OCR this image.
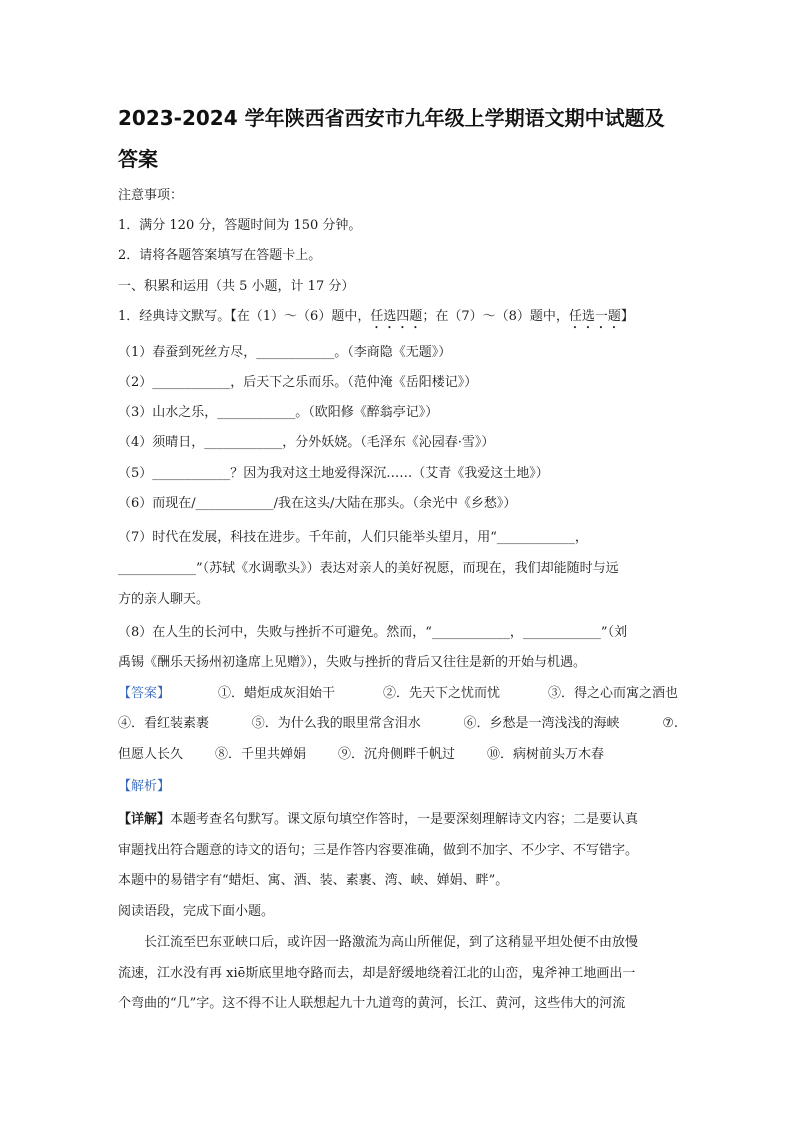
2023-2024 学年陕西省西安市九年级上学期语文期中试题及答案
注意事项：
1．满分 120 分，答题时间为 150 分钟。
2．请将各题答案填写在答题卡上。
一、积累和运用（共 5 小题，计 17 分）
1．经典诗文默写。【在（1）～（6）题中，任选四题；在（7）～（8）题中，任选一题】
（1）春蚕到死丝方尽，____________。（李商隐《无题》）
（2）____________，后天下之乐而乐。（范仲淹《岳阳楼记》）
（3）山水之乐，____________。（欧阳修《醉翁亭记》）
（4）须晴日，____________，分外妖娆。（毛泽东《沁园春·雪》）
（5）____________？因为我对这土地爱得深沉……（艾青《我爱这土地》）
（6）而现在/____________/我在这头/大陆在那头。（余光中《乡愁》）
（7）时代在发展，科技在进步。千年前，人们只能举头望月，用“____________，
____________”（苏轼《水调歌头》）表达对亲人的美好祝愿，而现在，我们却能随时与远
方的亲人聊天。
（8）在人生的长河中，失败与挫折不可避免。然而，“____________，____________”（刘
禹锡《酬乐天扬州初逢席上见赠》），失败与挫折的背后又往往是新的开始与机遇。
【答案】	①．蜡炬成灰泪始干	②．先天下之忧而忧	③．得之心而寓之酒也
④．看红装素裹	⑤．为什么我的眼里常含泪水	⑥．乡愁是一湾浅浅的海峡	⑦.
但愿人长久 ⑧．千里共婵娟 ⑨．沉舟侧畔千帆过 ⑩．病树前头万木春
【解析】
【详解】本题考查名句默写。课文原句填空作答时，一是要深刻理解诗文内容；二是要认真
审题找出符合题意的诗文的语句；三是作答内容要准确，做到不加字、不少字、不写错字。
本题中的易错字有“蜡炬、寓、酒、装、素裹、湾、峡、婵娟、畔”。
阅读语段，完成下面小题。
长江流至巴东亚峡口后，或许因一路激流为高山所催促，到了这稍显平坦处便不由放慢
流速，江水没有再 xiē斯底里地夺路而去，却是舒缓地绕着江北的山峦，鬼斧神工地画出一
个弯曲的“几”字。这不得不让人联想起九十九道弯的黄河，长江、黄河，这些伟大的河流
